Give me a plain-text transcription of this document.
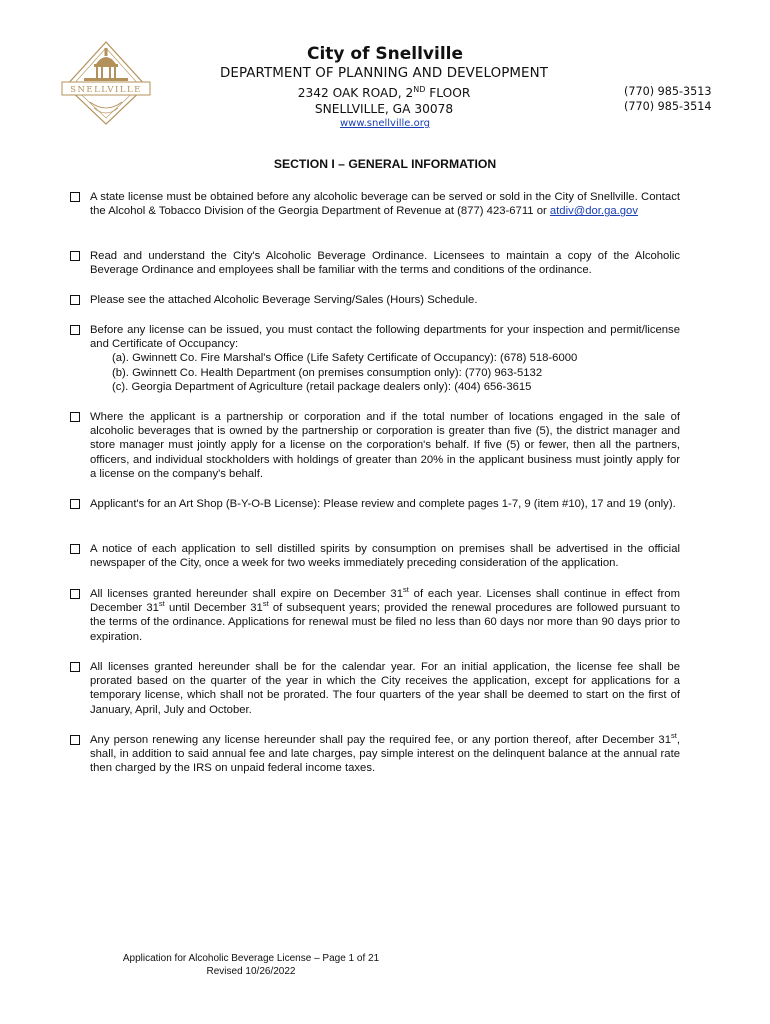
SNELLVILLE
City of Snellville
DEPARTMENT OF PLANNING AND DEVELOPMENT
2342 OAK ROAD, 2ND FLOOR
SNELLVILLE, GA 30078
(770) 985-3513
(770) 985-3514
www.snellville.org
SECTION I – GENERAL INFORMATION

A state license must be obtained before any alcoholic beverage can be served or sold in the City of Snellville. Contact the Alcohol & Tobacco Division of the Georgia Department of Revenue at (877) 423-6711 or atdiv@dor.ga.gov

Read and understand the City's Alcoholic Beverage Ordinance. Licensees to maintain a copy of the Alcoholic Beverage Ordinance and employees shall be familiar with the terms and conditions of the ordinance.

Please see the attached Alcoholic Beverage Serving/Sales (Hours) Schedule.

Before any license can be issued, you must contact the following departments for your inspection and permit/license and Certificate of Occupancy:

(a). Gwinnett Co. Fire Marshal's Office (Life Safety Certificate of Occupancy): (678) 518-6000

(b). Gwinnett Co. Health Department (on premises consumption only): (770) 963-5132

(c). Georgia Department of Agriculture (retail package dealers only): (404) 656-3615

Where the applicant is a partnership or corporation and if the total number of locations engaged in the sale of alcoholic beverages that is owned by the partnership or corporation is greater than five (5), the district manager and store manager must jointly apply for a license on the corporation's behalf. If five (5) or fewer, then all the partners, officers, and individual stockholders with holdings of greater than 20% in the applicant business must jointly apply for a license on the company's behalf.

Applicant's for an Art Shop (B-Y-O-B License): Please review and complete pages 1-7, 9 (item #10), 17 and 19 (only).

A notice of each application to sell distilled spirits by consumption on premises shall be advertised in the official newspaper of the City, once a week for two weeks immediately preceding consideration of the application.

All licenses granted hereunder shall expire on December 31st of each year. Licenses shall continue in effect from December 31st until December 31st of subsequent years; provided the renewal procedures are followed pursuant to the terms of the ordinance. Applications for renewal must be filed no less than 60 days nor more than 90 days prior to expiration.

All licenses granted hereunder shall be for the calendar year. For an initial application, the license fee shall be prorated based on the quarter of the year in which the City receives the application, except for applications for a temporary license, which shall not be prorated. The four quarters of the year shall be deemed to start on the first of January, April, July and October.

Any person renewing any license hereunder shall pay the required fee, or any portion thereof, after December 31st, shall, in addition to said annual fee and late charges, pay simple interest on the delinquent balance at the annual rate then charged by the IRS on unpaid federal income taxes.

Application for Alcoholic Beverage License – Page 1 of 21
Revised 10/26/2022
